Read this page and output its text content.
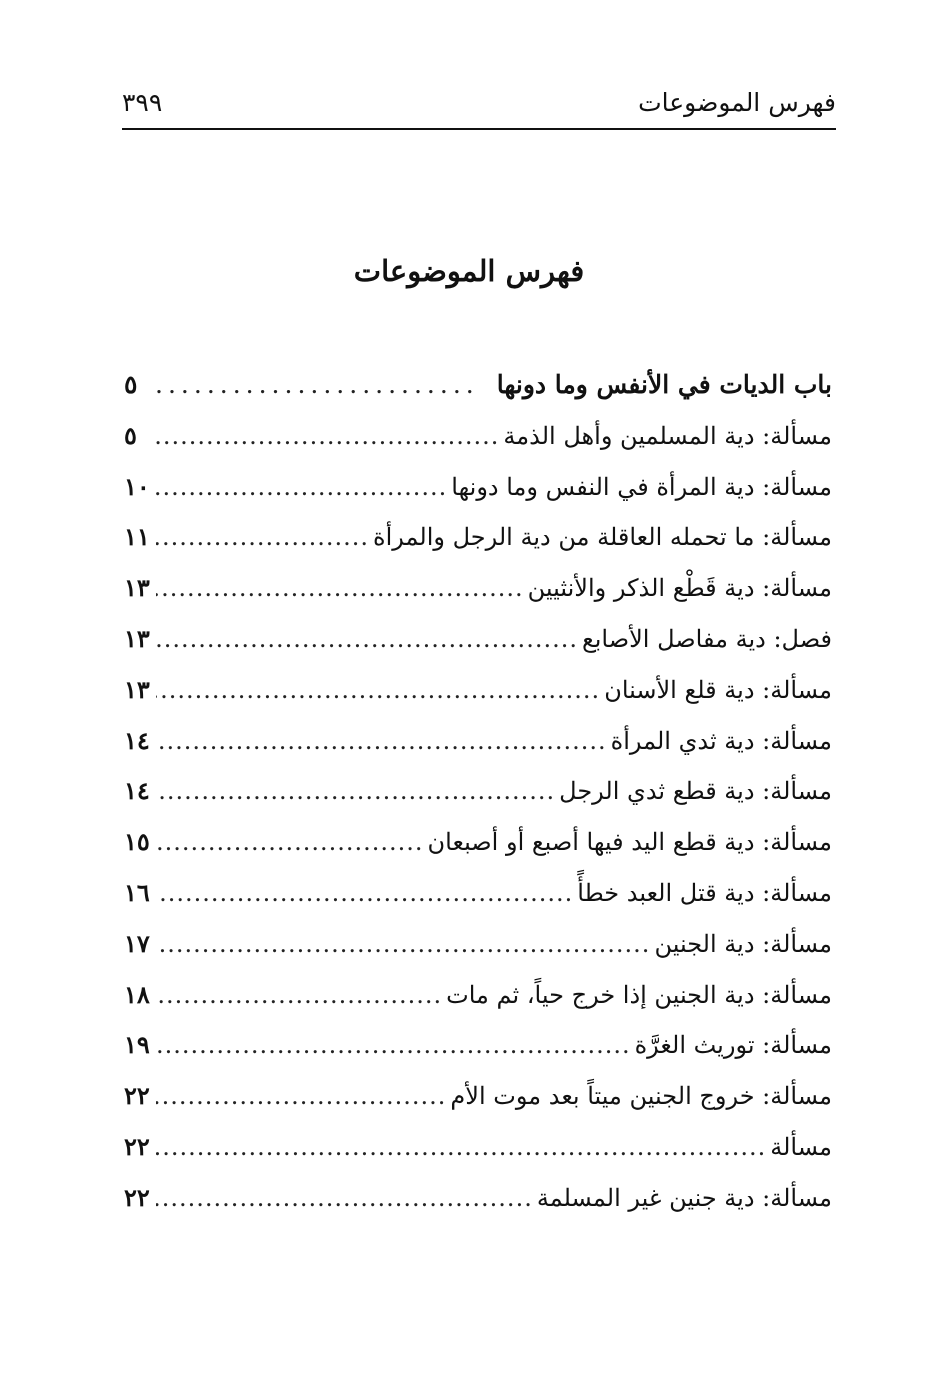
فهرس الموضوعات
٣٩٩
فهرس الموضوعات
باب الديات في الأنفس وما دونها
.....
٥
مسألة: دية المسلمين وأهل الذمة
.....
٥
مسألة: دية المرأة في النفس وما دونها
.....
١٠
مسألة: ما تحمله العاقلة من دية الرجل والمرأة
.....
١١
مسألة: دية قَطْع الذكر والأنثيين
.....
١٣
فصل: دية مفاصل الأصابع
.....
١٣
مسألة: دية قلع الأسنان
.....
١٣
مسألة: دية ثدي المرأة
.....
١٤
مسألة: دية قطع ثدي الرجل
.....
١٤
مسألة: دية قطع اليد فيها أصبع أو أصبعان
.....
١٥
مسألة: دية قتل العبد خطأً
.....
١٦
مسألة: دية الجنين
.....
١٧
مسألة: دية الجنين إذا خرج حياً، ثم مات
.....
١٨
مسألة: توريث الغرَّة
.....
١٩
مسألة: خروج الجنين ميتاً بعد موت الأم
.....
٢٢
مسألة
.....
٢٢
مسألة: دية جنين غير المسلمة
.....
٢٢
